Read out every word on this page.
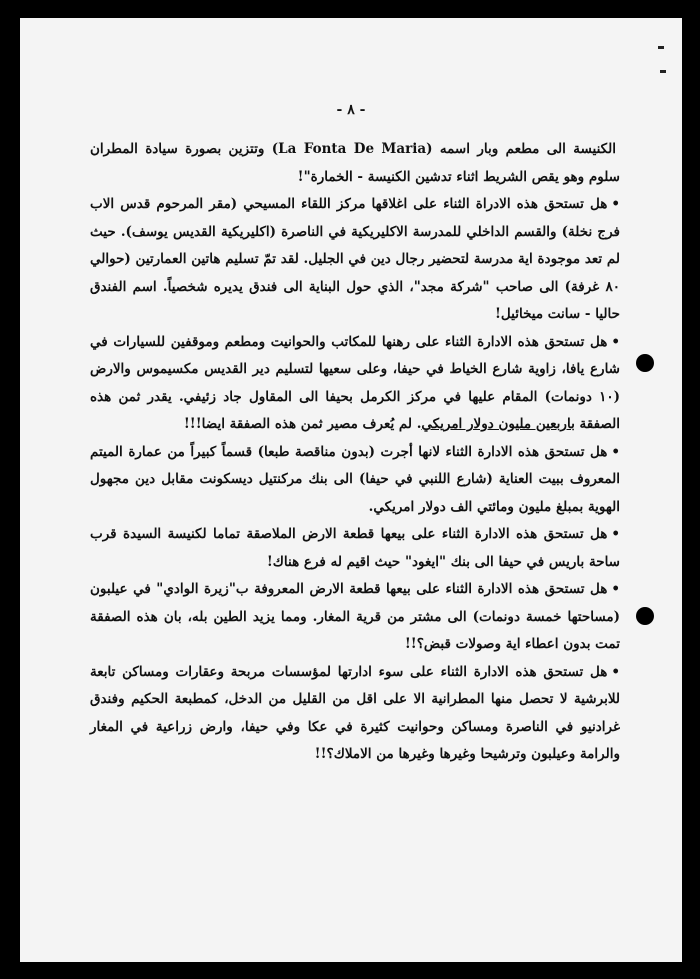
- ٨ -

الكنيسة الى مطعم وبار اسمه (La Fonta De Maria) وتتزين بصورة سيادة المطران سلوم وهو يقص الشريط اثناء تدشين الكنيسة - الخمارة"!

•هل تستحق هذه الادراة الثناء على اغلاقها مركز اللقاء المسيحي (مقر المرحوم قدس الاب فرج نخلة) والقسم الداخلي للمدرسة الاكليريكية في الناصرة (اكليريكية القديس يوسف). حيث لم تعد موجودة اية مدرسة لتحضير رجال دين في الجليل. لقد تمّ تسليم هاتين العمارتين (حوالي ٨٠ غرفة) الى صاحب "شركة مجد"، الذي حول البناية الى فندق يديره شخصياً. اسم الفندق حاليا - سانت ميخائيل!

•هل تستحق هذه الادارة الثناء على رهنها للمكاتب والحوانيت ومطعم وموقفين للسيارات في شارع يافا، زاوية شارع الخياط في حيفا، وعلى سعيها لتسليم دير القديس مكسيموس والارض (١٠ دونمات) المقام عليها في مركز الكرمل بحيفا الى المقاول جاد زئيفي. يقدر ثمن هذه الصفقة باربعين مليون دولار امريكي. لم يُعرف مصير ثمن هذه الصفقة ايضا!!!

•هل تستحق هذه الادارة الثناء لانها أجرت (بدون مناقصة طبعا) قسماً كبيراً من عمارة الميتم المعروف ببيت العناية (شارع اللنبي في حيفا) الى بنك مركنتيل ديسكونت مقابل دين مجهول الهوية بمبلغ مليون ومائتي الف دولار امريكي.

•هل تستحق هذه الادارة الثناء على بيعها قطعة الارض الملاصقة تماما لكنيسة السيدة قرب ساحة باريس في حيفا الى بنك "ايغود" حيث اقيم له فرع هناك!

•هل تستحق هذه الادارة الثناء على بيعها قطعة الارض المعروفة ب"زيرة الوادي" في عيلبون (مساحتها خمسة دونمات) الى مشتر من قرية المغار. ومما يزيد الطين بله، بان هذه الصفقة تمت بدون اعطاء اية وصولات قبض؟!!

•هل تستحق هذه الادارة الثناء على سوء ادارتها لمؤسسات مربحة وعقارات ومساكن تابعة للابرشية لا تحصل منها المطرانية الا على اقل من القليل من الدخل، كمطبعة الحكيم وفندق غرادنيو في الناصرة ومساكن وحوانيت كثيرة في عكا وفي حيفا، وارض زراعية في المغار والرامة وعيلبون وترشيحا وغيرها وغيرها من الاملاك؟!!
